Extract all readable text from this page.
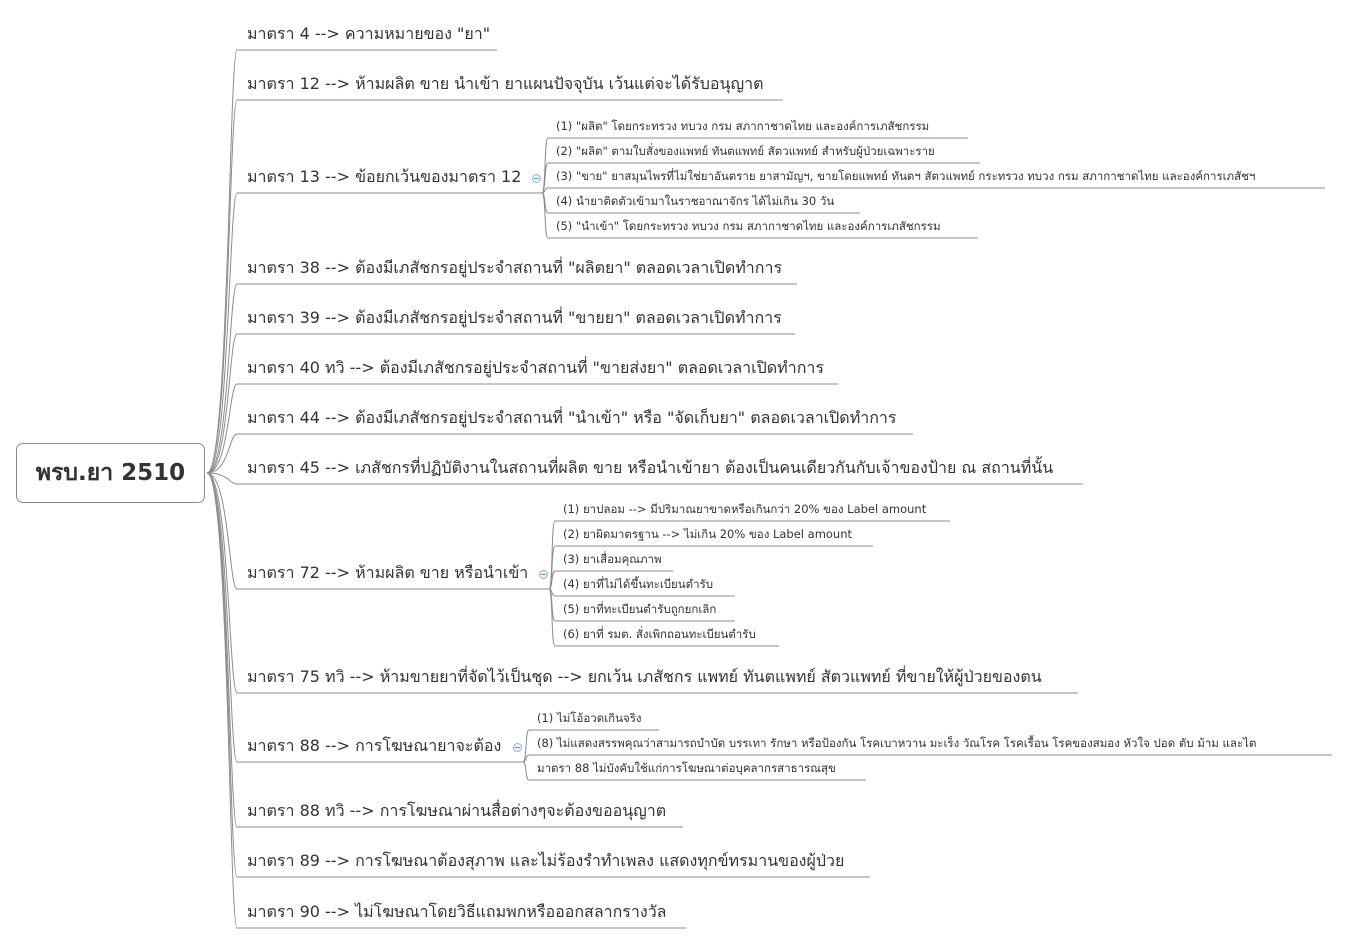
พรบ.ยา 2510
มาตรา 4 --> ความหมายของ "ยา"
มาตรา 12 --> ห้ามผลิต ขาย นำเข้า ยาแผนปัจจุบัน เว้นแต่จะได้รับอนุญาต
มาตรา 13 --> ข้อยกเว้นของมาตรา 12
(1) "ผลิต" โดยกระทรวง ทบวง กรม สภากาชาดไทย และองค์การเภสัชกรรม
(2) "ผลิต" ตามใบสั่งของแพทย์ ทันตแพทย์ สัตวแพทย์ สำหรับผู้ป่วยเฉพาะราย
(3) "ขาย" ยาสมุนไพรที่ไม่ใช่ยาอันตราย ยาสามัญฯ, ขายโดยแพทย์ ทันตฯ สัตวแพทย์ กระทรวง ทบวง กรม สภากาชาดไทย และองค์การเภสัชฯ
(4) นำยาติดตัวเข้ามาในราชอาณาจักร ได้ไม่เกิน 30 วัน
(5) "นำเข้า" โดยกระทรวง ทบวง กรม สภากาชาดไทย และองค์การเภสัชกรรม
มาตรา 38 --> ต้องมีเภสัชกรอยู่ประจำสถานที่ "ผลิตยา" ตลอดเวลาเปิดทำการ
มาตรา 39 --> ต้องมีเภสัชกรอยู่ประจำสถานที่ "ขายยา" ตลอดเวลาเปิดทำการ
มาตรา 40 ทวิ --> ต้องมีเภสัชกรอยู่ประจำสถานที่ "ขายส่งยา" ตลอดเวลาเปิดทำการ
มาตรา 44 --> ต้องมีเภสัชกรอยู่ประจำสถานที่ "นำเข้า" หรือ "จัดเก็บยา" ตลอดเวลาเปิดทำการ
มาตรา 45 --> เภสัชกรที่ปฏิบัติงานในสถานที่ผลิต ขาย หรือนำเข้ายา ต้องเป็นคนเดียวกันกับเจ้าของป้าย ณ สถานที่นั้น
มาตรา 72 --> ห้ามผลิต ขาย หรือนำเข้า
(1) ยาปลอม --> มีปริมาณยาขาดหรือเกินกว่า 20% ของ Label amount
(2) ยาผิดมาตรฐาน --> ไม่เกิน 20% ของ Label amount
(3) ยาเสื่อมคุณภาพ
(4) ยาที่ไม่ได้ขึ้นทะเบียนตำรับ
(5) ยาที่ทะเบียนตำรับถูกยกเลิก
(6) ยาที่ รมต. สั่งเพิกถอนทะเบียนตำรับ
มาตรา 75 ทวิ --> ห้ามขายยาที่จัดไว้เป็นชุด --> ยกเว้น เภสัชกร แพทย์ ทันตแพทย์ สัตวแพทย์ ที่ขายให้ผู้ป่วยของตน
มาตรา 88 --> การโฆษณายาจะต้อง
(1) ไม่โอ้อวดเกินจริง
(8) ไม่แสดงสรรพคุณว่าสามารถบำบัด บรรเทา รักษา หรือป้องกัน โรคเบาหวาน มะเร็ง วัณโรค โรคเรื้อน โรคของสมอง หัวใจ ปอด ตับ ม้าม และไต
มาตรา 88 ไม่บังคับใช้แก่การโฆษณาต่อบุคลากรสาธารณสุข
มาตรา 88 ทวิ --> การโฆษณาผ่านสื่อต่างๆจะต้องขออนุญาต
มาตรา 89 --> การโฆษณาต้องสุภาพ และไม่ร้องรำทำเพลง แสดงทุกข์ทรมานของผู้ป่วย
มาตรา 90 --> ไม่โฆษณาโดยวิธีแถมพกหรือออกสลากรางวัล
